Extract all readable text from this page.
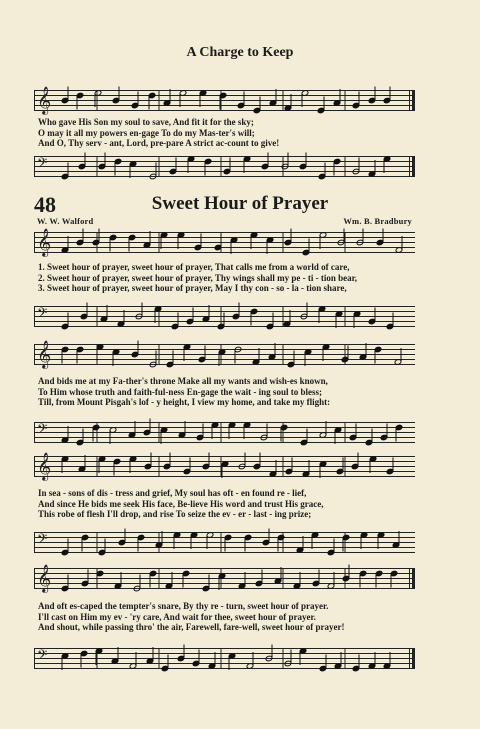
A Charge to Keep
𝄞
Who gave His Son my soul to save, And fit it for the sky;
O may it all my powers en-gage To do my Mas-ter's will;
And O, Thy serv - ant, Lord, pre-pare A strict ac-count to give!
𝄢
48	Sweet Hour of Prayer
W. W. Walford	Wm. B. Bradbury
𝄞
1. Sweet hour of prayer, sweet hour of prayer, That calls me from a world of care,
2. Sweet hour of prayer, sweet hour of prayer, Thy wings shall my pe - ti - tion bear,
3. Sweet hour of prayer, sweet hour of prayer, May I thy con - so - la - tion share,
𝄢
𝄞
And bids me at my Fa-ther's throne Make all my wants and wish-es known,
To Him whose truth and faith-ful-ness En-gage the wait - ing soul to bless;
Till, from Mount Pisgah's lof - y height, I view my home, and take my flight:
𝄢
𝄞
In sea - sons of dis - tress and grief, My soul has oft - en found re - lief,
And since He bids me seek His face, Be-lieve His word and trust His grace,
This robe of flesh I'll drop, and rise To seize the ev - er - last - ing prize;
𝄢
𝄞
And oft es-caped the tempter's snare, By thy re - turn, sweet hour of prayer.
I'll cast on Him my ev - 'ry care, And wait for thee, sweet hour of prayer.
And shout, while passing thro' the air, Farewell, fare-well, sweet hour of prayer!
𝄢
